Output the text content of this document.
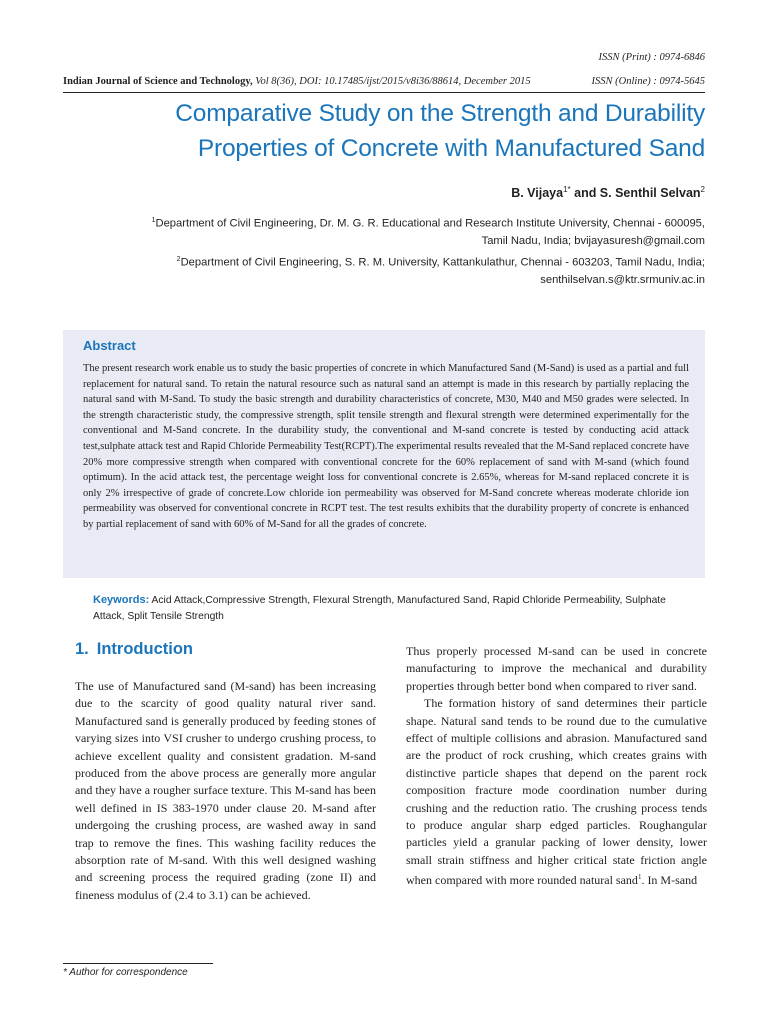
ISSN (Print) : 0974-6846
Indian Journal of Science and Technology, Vol 8(36), DOI: 10.17485/ijst/2015/v8i36/88614, December 2015	ISSN (Online) : 0974-5645
Comparative Study on the Strength and Durability
Properties of Concrete with Manufactured Sand
B. Vijaya$^{1*}$ and S. Senthil Selvan$^2$
$^1$Department of Civil Engineering, Dr. M. G. R. Educational and Research Institute University, Chennai - 600095,
Tamil Nadu, India; bvijayasuresh@gmail.com
$^2$Department of Civil Engineering, S. R. M. University, Kattankulathur, Chennai - 603203, Tamil Nadu, India;
senthilselvan.s@ktr.srmuniv.ac.in
Abstract

The present research work enable us to study the basic properties of concrete in which Manufactured Sand (M-Sand) is used as a partial and full replacement for natural sand. To retain the natural resource such as natural sand an attempt is made in this research by partially replacing the natural sand with M-Sand. To study the basic strength and durability characteristics of concrete, M30, M40 and M50 grades were selected. In the strength characteristic study, the compressive strength, split tensile strength and flexural strength were determined experimentally for the conventional and M-Sand concrete. In the durability study, the conventional and M-sand concrete is tested by conducting acid attack test,sulphate attack test and Rapid Chloride Permeability Test(RCPT).The experimental results revealed that the M-Sand replaced concrete have 20% more compressive strength when compared with conventional concrete for the 60% replacement of sand with M-sand (which found optimum). In the acid attack test, the percentage weight loss for conventional concrete is 2.65%, whereas for M-sand replaced concrete it is only 2% irrespective of grade of concrete.Low chloride ion permeability was observed for M-Sand concrete whereas moderate chloride ion permeability was observed for conventional concrete in RCPT test. The test results exhibits that the durability property of concrete is enhanced by partial replacement of sand with 60% of M-Sand for all the grades of concrete.

Keywords: Acid Attack,Compressive Strength, Flexural Strength, Manufactured Sand, Rapid Chloride Permeability, Sulphate Attack, Split Tensile Strength
1. Introduction

The use of Manufactured sand (M-sand) has been increasing due to the scarcity of good quality natural river sand. Manufactured sand is generally produced by feeding stones of varying sizes into VSI crusher to undergo crushing process, to achieve excellent quality and consistent gradation. M-sand produced from the above process are generally more angular and they have a rougher surface texture. This M-sand has been well defined in IS 383-1970 under clause 20. M-sand after undergoing the crushing process, are washed away in sand trap to remove the fines. This washing facility reduces the absorption rate of M-sand. With this well designed washing and screening process the required grading (zone II) and fineness modulus of (2.4 to 3.1) can be achieved.

Thus properly processed M-sand can be used in concrete manufacturing to improve the mechanical and durability properties through better bond when compared to river sand.

The formation history of sand determines their particle shape. Natural sand tends to be round due to the cumulative effect of multiple collisions and abrasion. Manufactured sand are the product of rock crushing, which creates grains with distinctive particle shapes that depend on the parent rock composition fracture mode coordination number during crushing and the reduction ratio. The crushing process tends to produce angular sharp edged particles. Roughangular particles yield a granular packing of lower density, lower small strain stiffness and higher critical state friction angle when compared with more rounded natural sand$^1$. In M-sand

* Author for correspondence
